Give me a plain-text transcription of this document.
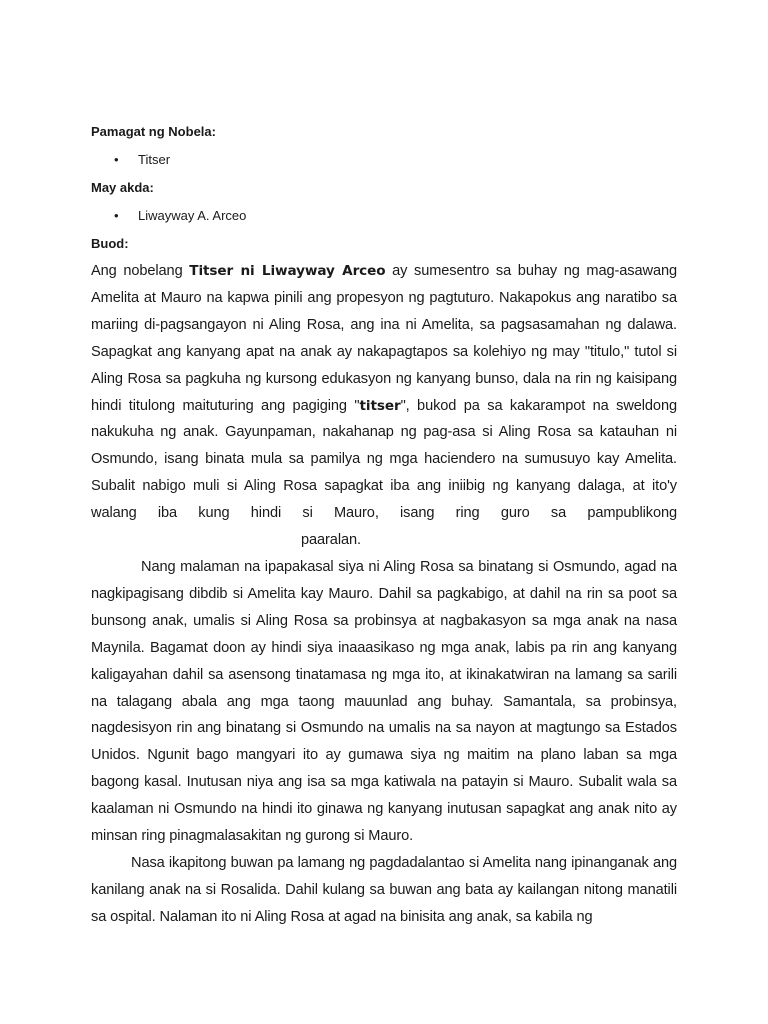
Pamagat ng Nobela:

• Titser

May akda:

• Liwayway A. Arceo

Buod:

Ang nobelang Titser ni Liwayway Arceo ay sumesentro sa buhay ng mag-asawang Amelita at Mauro na kapwa pinili ang propesyon ng pagtuturo. Nakapokus ang naratibo sa mariing di-pagsangayon ni Aling Rosa, ang ina ni Amelita, sa pagsasamahan ng dalawa. Sapagkat ang kanyang apat na anak ay nakapagtapos sa kolehiyo ng may "titulo," tutol si Aling Rosa sa pagkuha ng kursong edukasyon ng kanyang bunso, dala na rin ng kaisipang hindi titulong maituturing ang pagiging "titser", bukod pa sa kakarampot na sweldong nakukuha ng anak. Gayunpaman, nakahanap ng pag-asa si Aling Rosa sa katauhan ni Osmundo, isang binata mula sa pamilya ng mga haciendero na sumusuyo kay Amelita. Subalit nabigo muli si Aling Rosa sapagkat iba ang iniibig ng kanyang dalaga, at ito'y walang iba kung hindi si Mauro, isang ring guro sa pampublikongpaaralan.

Nang malaman na ipapakasal siya ni Aling Rosa sa binatang si Osmundo, agad na nagkipagisang dibdib si Amelita kay Mauro. Dahil sa pagkabigo, at dahil na rin sa poot sa bunsong anak, umalis si Aling Rosa sa probinsya at nagbakasyon sa mga anak na nasa Maynila. Bagamat doon ay hindi siya inaaasikaso ng mga anak, labis pa rin ang kanyang kaligayahan dahil sa asensong tinatamasa ng mga ito, at ikinakatwiran na lamang sa sarili na talagang abala ang mga taong mauunlad ang buhay. Samantala, sa probinsya, nagdesisyon rin ang binatang si Osmundo na umalis na sa nayon at magtungo sa Estados Unidos. Ngunit bago mangyari ito ay gumawa siya ng maitim na plano laban sa mga bagong kasal. Inutusan niya ang isa sa mga katiwala na patayin si Mauro. Subalit wala sa kaalaman ni Osmundo na hindi ito ginawa ng kanyang inutusan sapagkat ang anak nito ay minsan ring pinagmalasakitan ng gurong si Mauro.

Nasa ikapitong buwan pa lamang ng pagdadalantao si Amelita nang ipinanganak ang kanilang anak na si Rosalida. Dahil kulang sa buwan ang bata ay kailangan nitong manatili sa ospital. Nalaman ito ni Aling Rosa at agad na binisita ang anak, sa kabila ng
